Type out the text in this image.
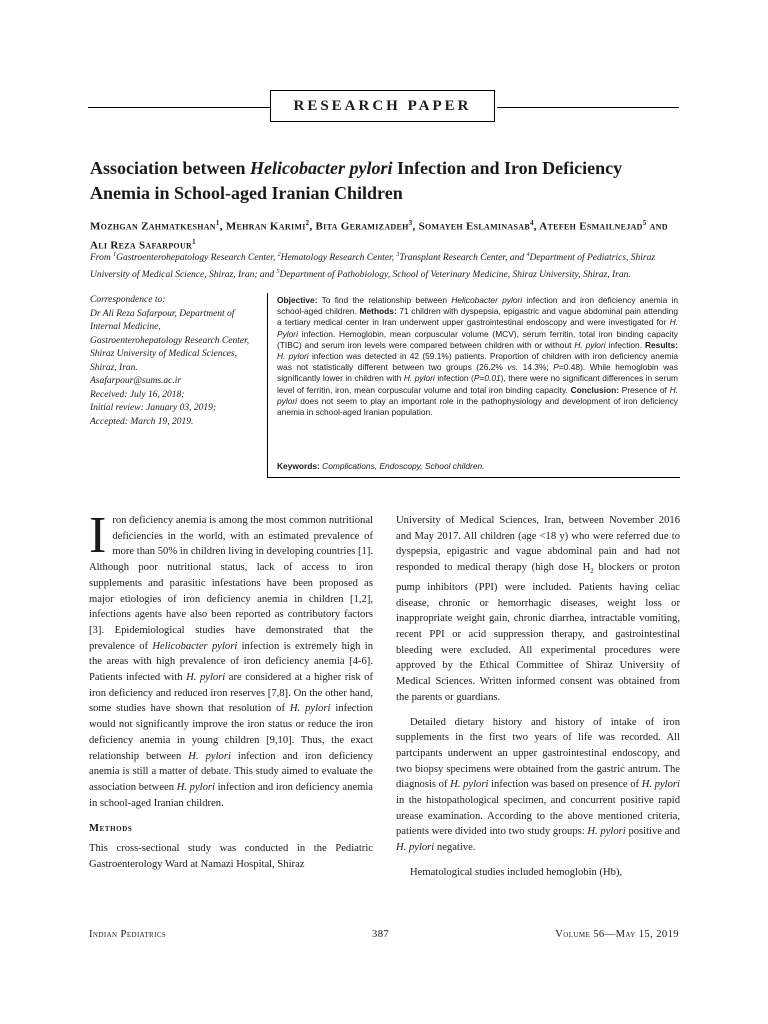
RESEARCH PAPER
Association between Helicobacter pylori Infection and Iron Deficiency Anemia in School-aged Iranian Children
Mozhgan Zahmatkeshan$^1$, Mehran Karimi$^2$, Bita Geramizadeh$^3$, Somayeh Eslaminasab$^4$, Atefeh Esmailnejad$^5$ and Ali Reza Safarpour$^1$
From $^1$Gastroenterohepatology Research Center, $^2$Hematology Research Center, $^3$Transplant Research Center, and $^4$Department of Pediatrics, Shiraz University of Medical Science, Shiraz, Iran; and $^5$Department of Pathobiology, School of Veterinary Medicine, Shiraz University, Shiraz, Iran.
Correspondence to:
Dr Ali Reza Safarpour, Department of Internal Medicine,
Gastroenterohepatology Research Center, Shiraz University of Medical Sciences, Shiraz, Iran.
Asafarpour@sums.ac.ir
Received: July 16, 2018;
Initial review: January 03, 2019;
Accepted: March 19, 2019.
Objective: To find the relationship between Helicobacter pylori infection and iron deficiency anemia in school-aged children. Methods: 71 children with dyspepsia, epigastric and vague abdominal pain attending a tertiary medical center in Iran underwent upper gastrointestinal endoscopy and were investigated for H. Pylori infection. Hemoglobin, mean corpuscular volume (MCV), serum ferritin, total iron binding capacity (TIBC) and serum iron levels were compared between children with or without H. pylori infection. Results: H. pylori infection was detected in 42 (59.1%) patients. Proportion of children with iron deficiency anemia was not statistically different between two groups (26.2% vs. 14.3%; P=0.48). While hemoglobin was significantly lower in children with H. pylori infection (P=0.01), there were no significant differences in serum level of ferritin, iron, mean corpuscular volume and total iron binding capacity. Conclusion: Presence of H. pylori does not seem to play an important role in the pathophysiology and development of iron deficiency anemia in school-aged Iranian population.
Keywords: Complications, Endoscopy, School children.

Iron deficiency anemia is among the most common nutritional deficiencies in the world, with an estimated prevalence of more than 50% in children living in developing countries [1]. Although poor nutritional status, lack of access to iron supplements and parasitic infestations have been proposed as major etiologies of iron deficiency anemia in children [1,2], infections agents have also been reported as contributory factors [3]. Epidemiological studies have demonstrated that the prevalence of Helicobacter pylori infection is extremely high in the areas with high prevalence of iron deficiency anemia [4-6]. Patients infected with H. pylori are considered at a higher risk of iron deficiency and reduced iron reserves [7,8]. On the other hand, some studies have shown that resolution of H. pylori infection would not significantly improve the iron status or reduce the iron deficiency anemia in young children [9,10]. Thus, the exact relationship between H. pylori infection and iron deficiency anemia is still a matter of debate. This study aimed to evaluate the association between H. pylori infection and iron deficiency anemia in school-aged Iranian children.

Methods

This cross-sectional study was conducted in the Pediatric Gastroenterology Ward at Namazi Hospital, Shiraz

University of Medical Sciences, Iran, between November 2016 and May 2017. All children (age <18 y) who were referred due to dyspepsia, epigastric and vague abdominal pain and had not responded to medical therapy (high dose $H_2$ blockers or proton pump inhibitors (PPI) were included. Patients having celiac disease, chronic or hemorrhagic diseases, weight loss or inappropriate weight gain, chronic diarrhea, intractable vomiting, recent PPI or acid suppression therapy, and gastrointestinal bleeding were excluded. All experimental procedures were approved by the Ethical Committee of Shiraz University of Medical Sciences. Written informed consent was obtained from the parents or guardians.

Detailed dietary history and history of intake of iron supplements in the first two years of life was recorded. All partcipants underwent an upper gastrointestinal endoscopy, and two biopsy specimens were obtained from the gastric antrum. The diagnosis of H. pylori infection was based on presence of H. pylori in the histopathological specimen, and concurrent positive rapid urease examination. According to the above mentioned criteria, patients were divided into two study groups: H. pylori positive and H. pylori negative.

Hematological studies included hemoglobin (Hb),

Indian Pediatrics	387	Volume 56—May 15, 2019
